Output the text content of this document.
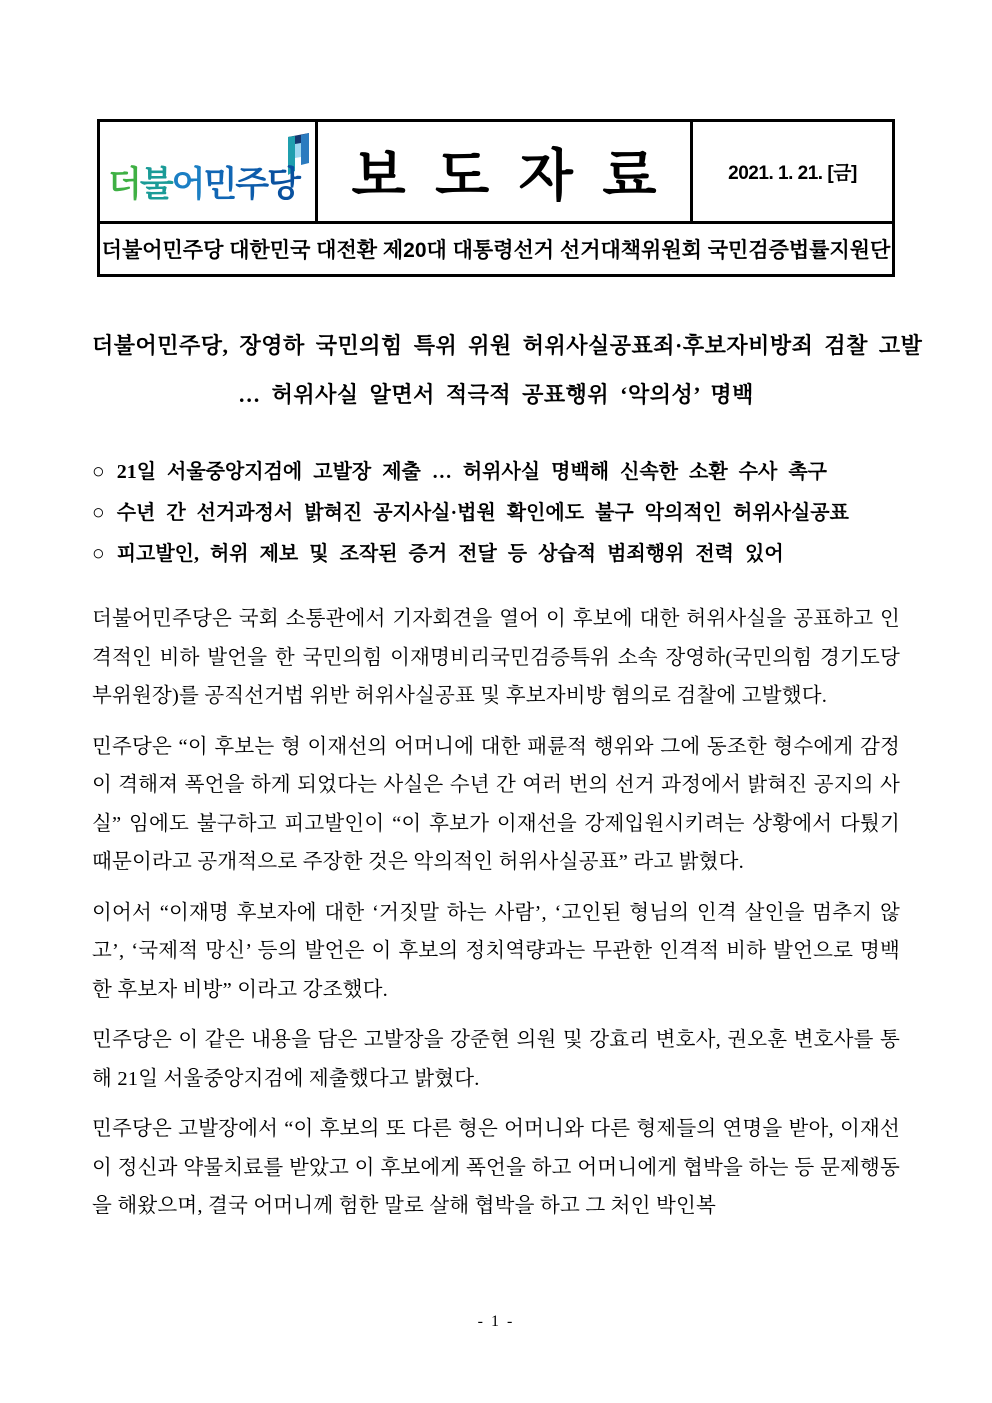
더불어민주당 보 도 자 료	2021. 1. 21. [금]
더불어민주당 대한민국 대전환 제20대 대통령선거 선거대책위원회 국민검증법률지원단
더불어민주당, 장영하 국민의힘 특위 위원 허위사실공표죄·후보자비방죄 검찰 고발
… 허위사실 알면서 적극적 공표행위 ‘악의성’ 명백
○ 21일 서울중앙지검에 고발장 제출 … 허위사실 명백해 신속한 소환 수사 촉구
○ 수년 간 선거과정서 밝혀진 공지사실·법원 확인에도 불구 악의적인 허위사실공표
○ 피고발인, 허위 제보 및 조작된 증거 전달 등 상습적 범죄행위 전력 있어

더불어민주당은 국회 소통관에서 기자회견을 열어 이 후보에 대한 허위사실을 공표하고 인격적인 비하 발언을 한 국민의힘 이재명비리국민검증특위 소속 장영하(국민의힘 경기도당 부위원장)를 공직선거법 위반 허위사실공표 및 후보자비방 혐의로 검찰에 고발했다.

민주당은 “이 후보는 형 이재선의 어머니에 대한 패륜적 행위와 그에 동조한 형수에게 감정이 격해져 폭언을 하게 되었다는 사실은 수년 간 여러 번의 선거 과정에서 밝혀진 공지의 사실” 임에도 불구하고 피고발인이 “이 후보가 이재선을 강제입원시키려는 상황에서 다퉜기 때문이라고 공개적으로 주장한 것은 악의적인 허위사실공표” 라고 밝혔다.

이어서 “이재명 후보자에 대한 ‘거짓말 하는 사람’, ‘고인된 형님의 인격 살인을 멈추지 않고’, ‘국제적 망신’ 등의 발언은 이 후보의 정치역량과는 무관한 인격적 비하 발언으로 명백한 후보자 비방” 이라고 강조했다.

민주당은 이 같은 내용을 담은 고발장을 강준현 의원 및 강효리 변호사, 권오훈 변호사를 통해 21일 서울중앙지검에 제출했다고 밝혔다.

민주당은 고발장에서 “이 후보의 또 다른 형은 어머니와 다른 형제들의 연명을 받아, 이재선이 정신과 약물치료를 받았고 이 후보에게 폭언을 하고 어머니에게 협박을 하는 등 문제행동을 해왔으며, 결국 어머니께 험한 말로 살해 협박을 하고 그 처인 박인복

- 1 -
